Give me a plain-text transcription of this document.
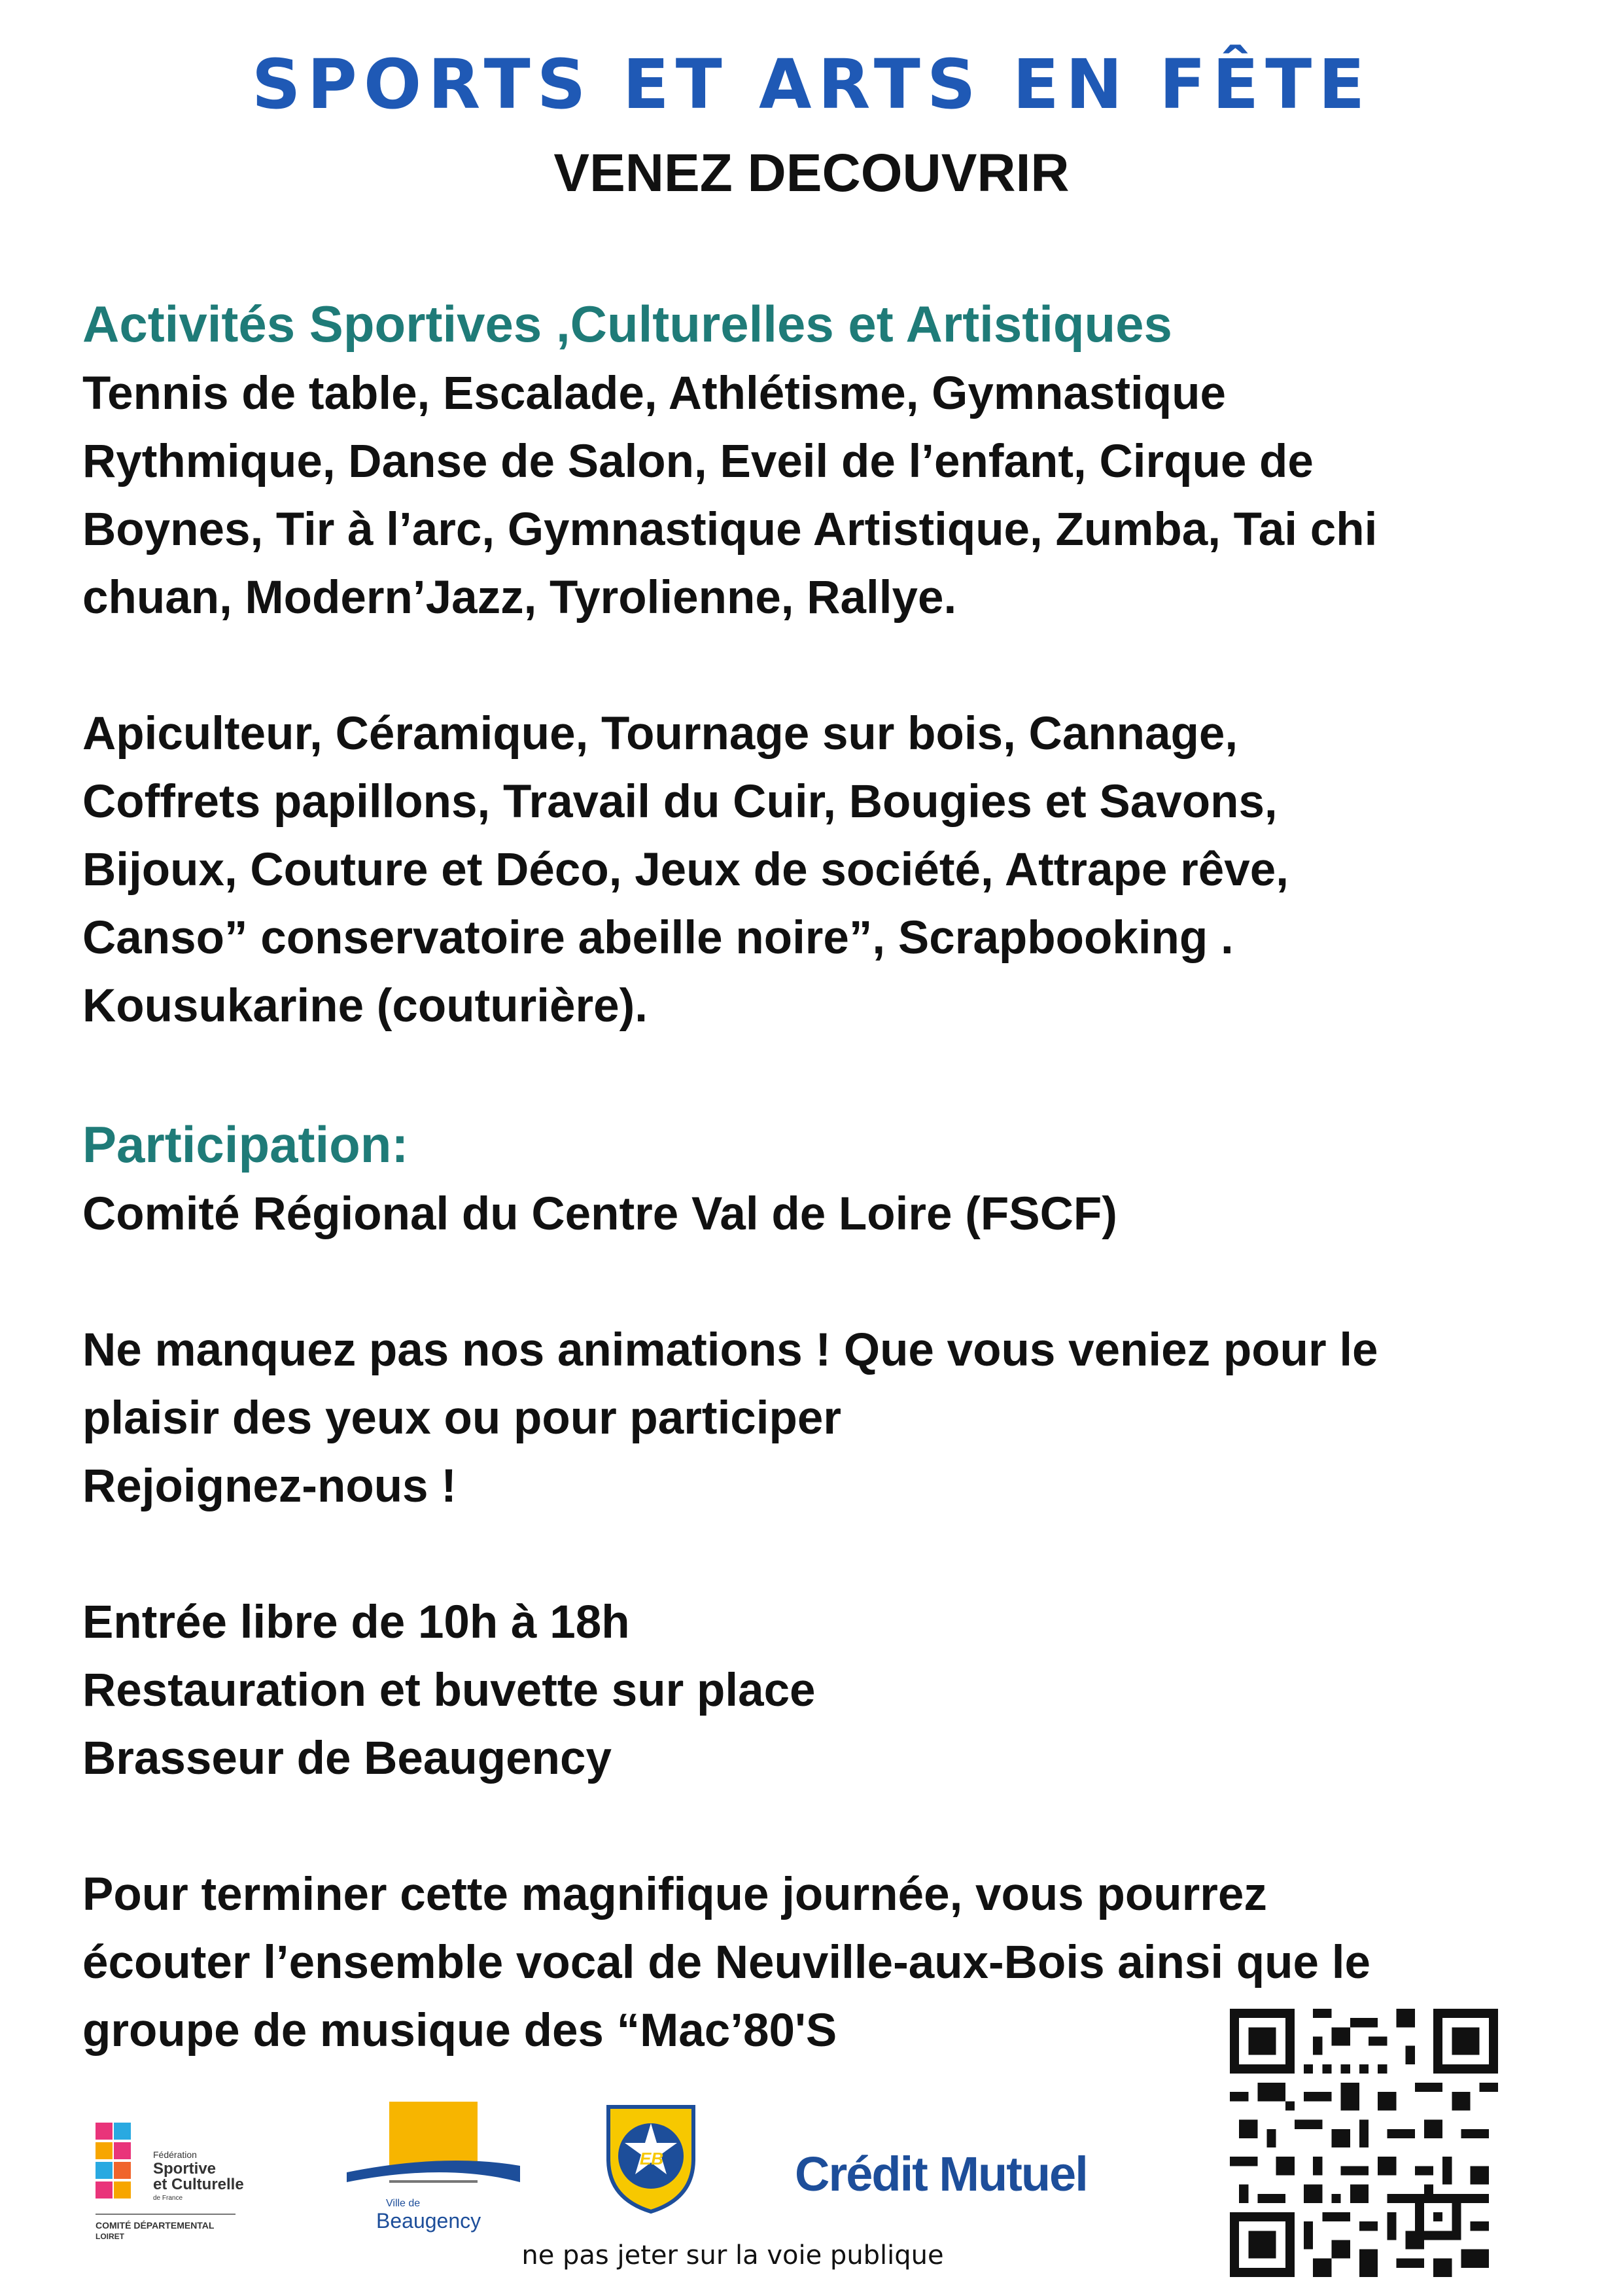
SPORTS ET ARTS EN FÊTE
VENEZ DECOUVRIR
Activités Sportives ,Culturelles et Artistiques
Tennis de table, Escalade, Athlétisme, Gymnastique
Rythmique, Danse de Salon, Eveil de l’enfant, Cirque de
Boynes, Tir à l’arc, Gymnastique Artistique, Zumba, Tai chi
chuan, Modern’Jazz, Tyrolienne, Rallye.
Apiculteur, Céramique, Tournage sur bois, Cannage,
Coffrets papillons, Travail du Cuir, Bougies et Savons,
Bijoux, Couture et Déco, Jeux de société, Attrape rêve,
Canso” conservatoire abeille noire”, Scrapbooking .
Kousukarine (couturière).
Participation:
Comité Régional du Centre Val de Loire (FSCF)
Ne manquez pas nos animations ! Que vous veniez pour le
plaisir des yeux ou pour participer
Rejoignez-nous !
Entrée libre de 10h à 18h
Restauration et buvette sur place
Brasseur de Beaugency
Pour terminer cette magnifique journée, vous pourrez
écouter l’ensemble vocal de Neuville-aux-Bois ainsi que le
groupe de musique des “Mac’80'S
Fédération
Sportive
et Culturelle
de France
COMITÉ DÉPARTEMENTAL
LOIRET
Ville de
Beaugency
EB	Crédit Mutuel
ne pas jeter sur la voie publique
